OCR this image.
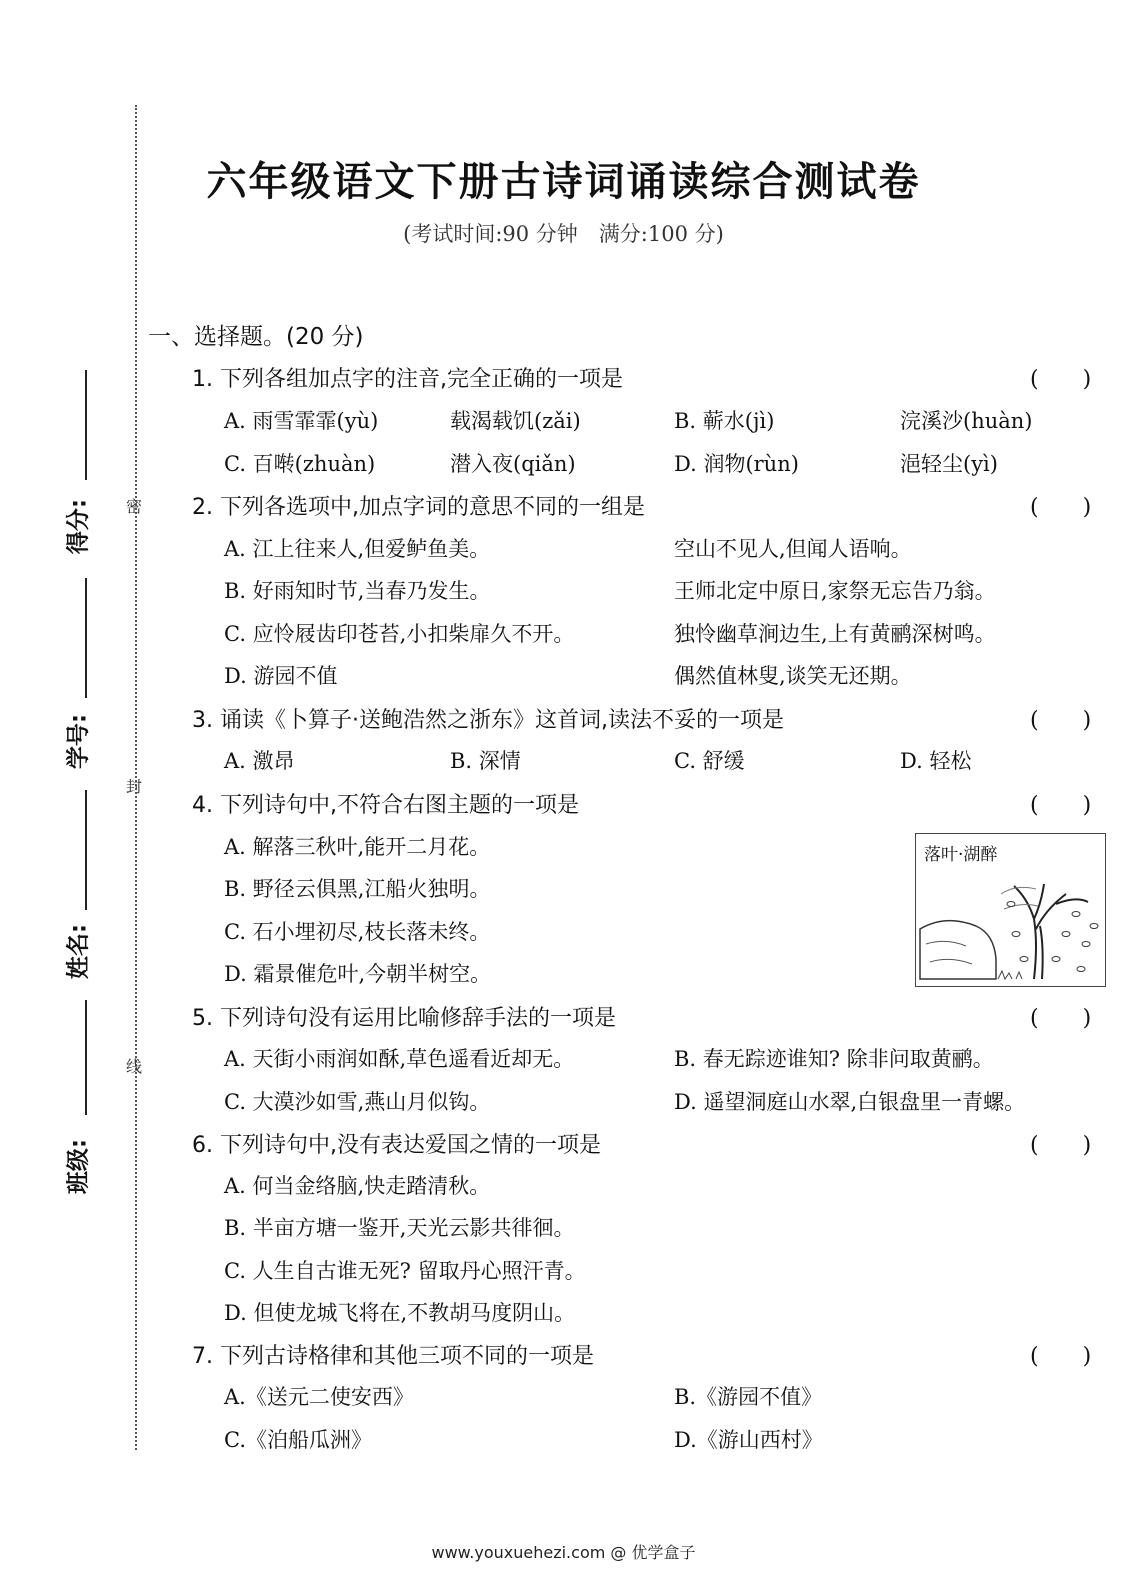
得分:
学号:
姓名:
班级:
密
封
线
六年级语文下册古诗词诵读综合测试卷
(考试时间:90 分钟　满分:100 分)
一、选择题。(20 分)
1. 下列各组加点字的注音,完全正确的一项是	(　　)
A. 雨雪霏霏(yù)	载渴载饥(zǎi)	B. 蕲水(jì)	浣溪沙(huàn)
C. 百啭(zhuàn)	潜入夜(qiǎn)	D. 润物(rùn)	浥轻尘(yì)
2. 下列各选项中,加点字词的意思不同的一组是	(　　)
A. 江上往来人,但爱鲈鱼美。	空山不见人,但闻人语响。
B. 好雨知时节,当春乃发生。	王师北定中原日,家祭无忘告乃翁。
C. 应怜屐齿印苍苔,小扣柴扉久不开。	独怜幽草涧边生,上有黄鹂深树鸣。
D. 游园不值	偶然值林叟,谈笑无还期。
3. 诵读《卜算子·送鲍浩然之浙东》这首词,读法不妥的一项是	(　　)
A. 激昂	B. 深情	C. 舒缓	D. 轻松
4. 下列诗句中,不符合右图主题的一项是	(　　)
A. 解落三秋叶,能开二月花。
B. 野径云俱黑,江船火独明。
C. 石小埋初尽,枝长落未终。
D. 霜景催危叶,今朝半树空。
落叶·湖醉
5. 下列诗句没有运用比喻修辞手法的一项是	(　　)
A. 天街小雨润如酥,草色遥看近却无。	B. 春无踪迹谁知? 除非问取黄鹂。
C. 大漠沙如雪,燕山月似钩。	D. 遥望洞庭山水翠,白银盘里一青螺。
6. 下列诗句中,没有表达爱国之情的一项是	(　　)
A. 何当金络脑,快走踏清秋。
B. 半亩方塘一鉴开,天光云影共徘徊。
C. 人生自古谁无死? 留取丹心照汗青。
D. 但使龙城飞将在,不教胡马度阴山。
7. 下列古诗格律和其他三项不同的一项是	(　　)
A.《送元二使安西》	B.《游园不值》
C.《泊船瓜洲》	D.《游山西村》
www.youxuehezi.com @ 优学盒子
